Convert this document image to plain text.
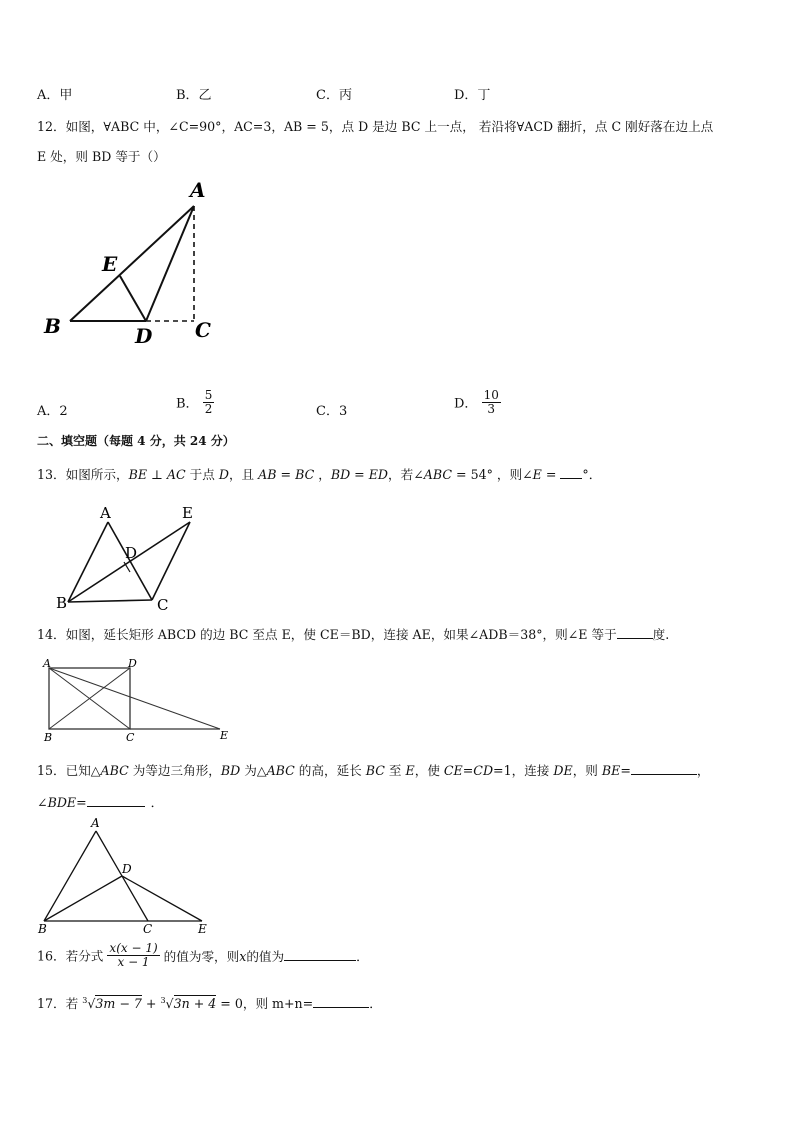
A．甲	B．乙	C．丙	D．丁
12．如图，∀ABC 中，∠C=90°，AC=3，AB = 5，点 D 是边 BC 上一点， 若沿将∀ACD 翻折，点 C 刚好落在边上点
E 处，则 BD 等于（）
A
E
B	D C
A．2	B． $\frac{5}{2}$	C．3	D． $\frac{10}{3}$
二、填空题（每题 4 分，共 24 分）
13．如图所示，BE ⊥ AC 于点 D，且 AB = BC ，BD = ED，若∠ABC = 54° ，则∠E = °．
A	E
D
B	C
14．如图，延长矩形 ABCD 的边 BC 至点 E，使 CE＝BD，连接 AE，如果∠ADB＝38°，则∠E 等于	度.
A	D
B	C	E
15．已知△ABC 为等边三角形，BD 为△ABC 的高，延长 BC 至 E，使 CE=CD=1，连接 DE，则 BE=	，
∠BDE=	．
A
D
B	C	E
16．若分式 $\frac{x(x - 1)}{x - 1}$ 的值为零，则x的值为	．
17．若 $^3$√3m − 7 + $^3$√3n + 4 = 0，则 m+n=	．
